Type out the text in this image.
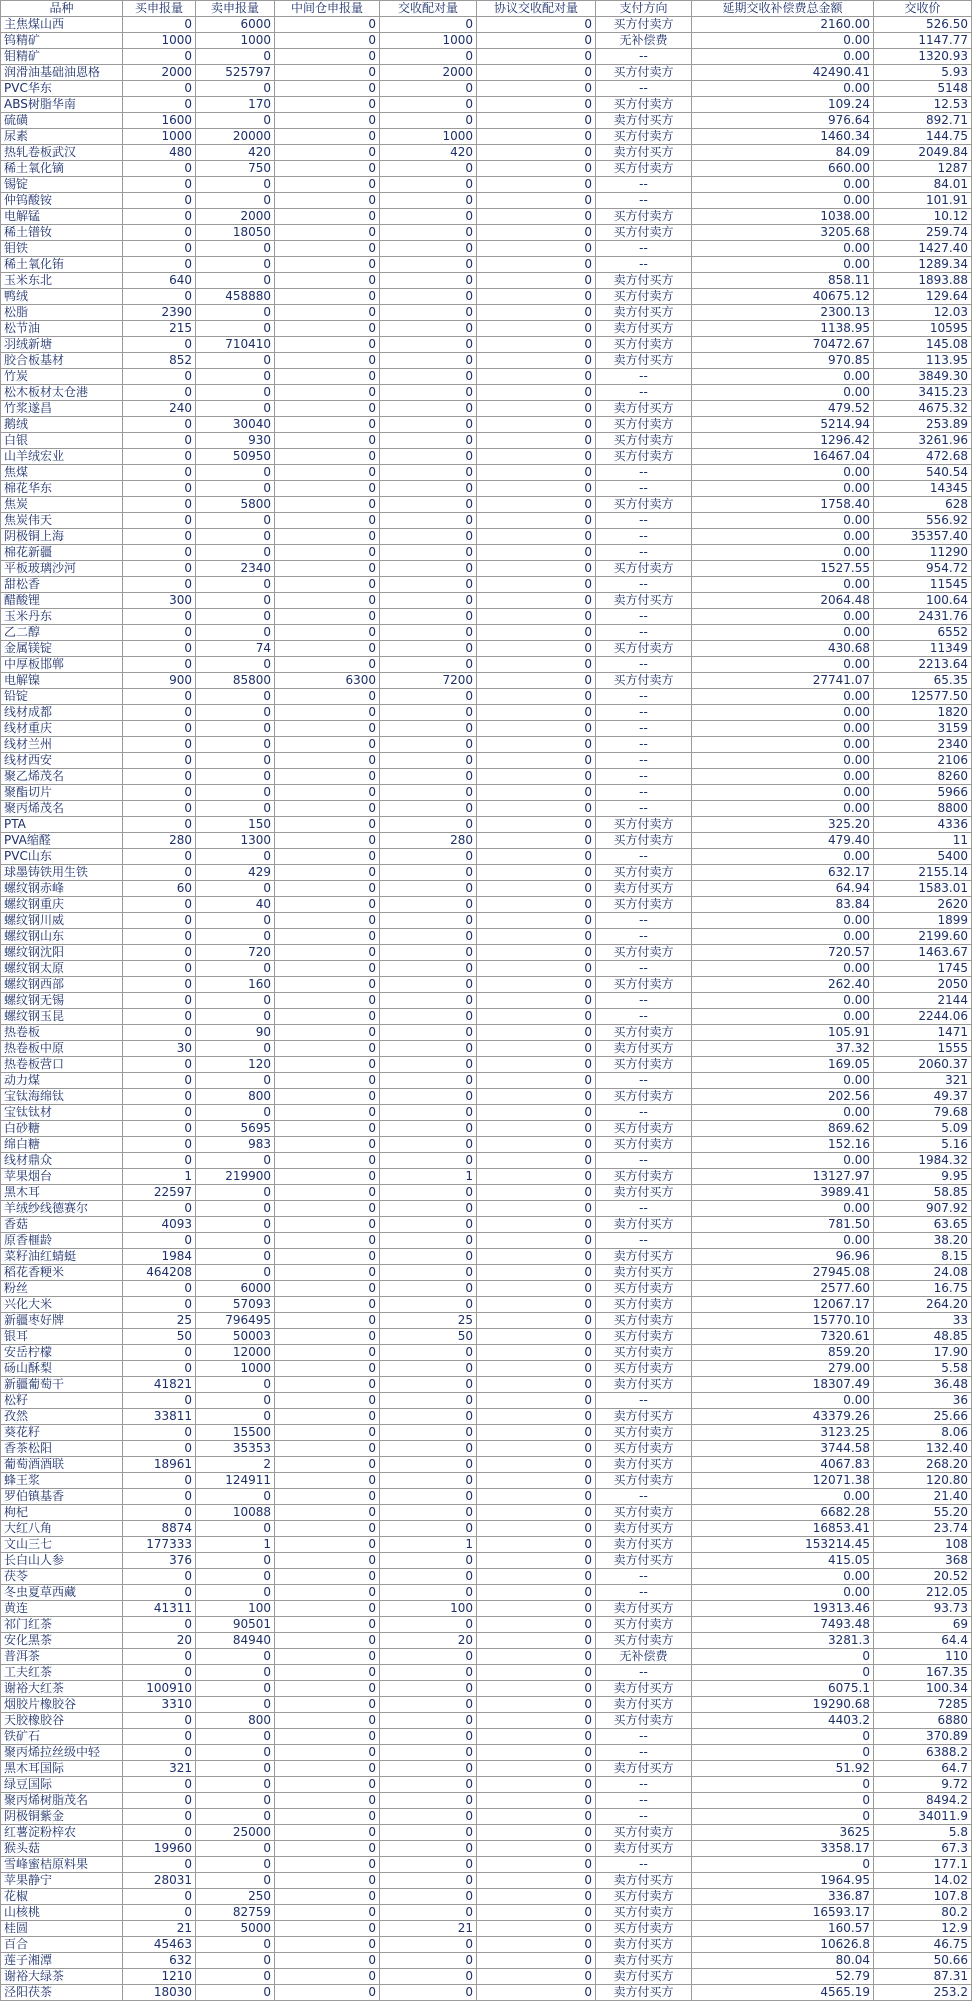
品种	买申报量	卖申报量	中间仓申报量	交收配对量	协议交收配对量	支付方向	延期交收补偿费总金额	交收价
主焦煤山西	0	6000	0	0	0	买方付卖方	2160.00	526.50
钨精矿	1000	1000	0	1000	0	无补偿费	0.00	1147.77
钼精矿	0	0	0	0	0	--	0.00	1320.93
润滑油基础油恩格	2000	525797	0	2000	0	买方付卖方	42490.41	5.93
PVC华东	0	0	0	0	0	--	0.00	5148
ABS树脂华南	0	170	0	0	0	买方付卖方	109.24	12.53
硫磺	1600	0	0	0	0	卖方付买方	976.64	892.71
尿素	1000	20000	0	1000	0	买方付卖方	1460.34	144.75
热轧卷板武汉	480	420	0	420	0	卖方付买方	84.09	2049.84
稀土氧化镝	0	750	0	0	0	买方付卖方	660.00	1287
锡锭	0	0	0	0	0	--	0.00	84.01
仲钨酸铵	0	0	0	0	0	--	0.00	101.91
电解锰	0	2000	0	0	0	买方付卖方	1038.00	10.12
稀土镨钕	0	18050	0	0	0	买方付卖方	3205.68	259.74
钼铁	0	0	0	0	0	--	0.00	1427.40
稀土氧化铕	0	0	0	0	0	--	0.00	1289.34
玉米东北	640	0	0	0	0	卖方付买方	858.11	1893.88
鸭绒	0	458880	0	0	0	买方付卖方	40675.12	129.64
松脂	2390	0	0	0	0	卖方付买方	2300.13	12.03
松节油	215	0	0	0	0	卖方付买方	1138.95	10595
羽绒新塘	0	710410	0	0	0	买方付卖方	70472.67	145.08
胶合板基材	852	0	0	0	0	卖方付买方	970.85	113.95
竹炭	0	0	0	0	0	--	0.00	3849.30
松木板材太仓港	0	0	0	0	0	--	0.00	3415.23
竹浆遂昌	240	0	0	0	0	卖方付买方	479.52	4675.32
鹅绒	0	30040	0	0	0	买方付卖方	5214.94	253.89
白银	0	930	0	0	0	买方付卖方	1296.42	3261.96
山羊绒宏业	0	50950	0	0	0	买方付卖方	16467.04	472.68
焦煤	0	0	0	0	0	--	0.00	540.54
棉花华东	0	0	0	0	0	--	0.00	14345
焦炭	0	5800	0	0	0	买方付卖方	1758.40	628
焦炭伟天	0	0	0	0	0	--	0.00	556.92
阴极铜上海	0	0	0	0	0	--	0.00	35357.40
棉花新疆	0	0	0	0	0	--	0.00	11290
平板玻璃沙河	0	2340	0	0	0	买方付卖方	1527.55	954.72
甜松香	0	0	0	0	0	--	0.00	11545
醋酸锂	300	0	0	0	0	卖方付买方	2064.48	100.64
玉米丹东	0	0	0	0	0	--	0.00	2431.76
乙二醇	0	0	0	0	0	--	0.00	6552
金属镁锭	0	74	0	0	0	买方付卖方	430.68	11349
中厚板邯郸	0	0	0	0	0	--	0.00	2213.64
电解镍	900	85800	6300	7200	0	买方付卖方	27741.07	65.35
铅锭	0	0	0	0	0	--	0.00	12577.50
线材成都	0	0	0	0	0	--	0.00	1820
线材重庆	0	0	0	0	0	--	0.00	3159
线材兰州	0	0	0	0	0	--	0.00	2340
线材西安	0	0	0	0	0	--	0.00	2106
聚乙烯茂名	0	0	0	0	0	--	0.00	8260
聚酯切片	0	0	0	0	0	--	0.00	5966
聚丙烯茂名	0	0	0	0	0	--	0.00	8800
PTA	0	150	0	0	0	买方付卖方	325.20	4336
PVA缩醛	280	1300	0	280	0	买方付卖方	479.40	11
PVC山东	0	0	0	0	0	--	0.00	5400
球墨铸铁用生铁	0	429	0	0	0	买方付卖方	632.17	2155.14
螺纹钢赤峰	60	0	0	0	0	卖方付买方	64.94	1583.01
螺纹钢重庆	0	40	0	0	0	买方付卖方	83.84	2620
螺纹钢川威	0	0	0	0	0	--	0.00	1899
螺纹钢山东	0	0	0	0	0	--	0.00	2199.60
螺纹钢沈阳	0	720	0	0	0	买方付卖方	720.57	1463.67
螺纹钢太原	0	0	0	0	0	--	0.00	1745
螺纹钢西部	0	160	0	0	0	买方付卖方	262.40	2050
螺纹钢无锡	0	0	0	0	0	--	0.00	2144
螺纹钢玉昆	0	0	0	0	0	--	0.00	2244.06
热卷板	0	90	0	0	0	买方付卖方	105.91	1471
热卷板中原	30	0	0	0	0	卖方付买方	37.32	1555
热卷板营口	0	120	0	0	0	买方付卖方	169.05	2060.37
动力煤	0	0	0	0	0	--	0.00	321
宝钛海绵钛	0	800	0	0	0	买方付卖方	202.56	49.37
宝钛钛材	0	0	0	0	0	--	0.00	79.68
白砂糖	0	5695	0	0	0	买方付卖方	869.62	5.09
绵白糖	0	983	0	0	0	买方付卖方	152.16	5.16
线材鼎众	0	0	0	0	0	--	0.00	1984.32
苹果烟台	1	219900	0	1	0	买方付卖方	13127.97	9.95
黑木耳	22597	0	0	0	0	卖方付买方	3989.41	58.85
羊绒纱线德赛尔	0	0	0	0	0	--	0.00	907.92
香菇	4093	0	0	0	0	卖方付买方	781.50	63.65
原香榧龄	0	0	0	0	0	--	0.00	38.20
菜籽油红蜻蜓	1984	0	0	0	0	卖方付买方	96.96	8.15
稻花香粳米	464208	0	0	0	0	卖方付买方	27945.08	24.08
粉丝	0	6000	0	0	0	买方付卖方	2577.60	16.75
兴化大米	0	57093	0	0	0	买方付卖方	12067.17	264.20
新疆枣好牌	25	796495	0	25	0	买方付卖方	15770.10	33
银耳	50	50003	0	50	0	买方付卖方	7320.61	48.85
安岳柠檬	0	12000	0	0	0	买方付卖方	859.20	17.90
砀山酥梨	0	1000	0	0	0	买方付卖方	279.00	5.58
新疆葡萄干	41821	0	0	0	0	卖方付买方	18307.49	36.48
松籽	0	0	0	0	0	--	0.00	36
孜然	33811	0	0	0	0	卖方付买方	43379.26	25.66
葵花籽	0	15500	0	0	0	买方付卖方	3123.25	8.06
香茶松阳	0	35353	0	0	0	买方付卖方	3744.58	132.40
葡萄酒酒联	18961	2	0	0	0	卖方付买方	4067.83	268.20
蜂王浆	0	124911	0	0	0	买方付卖方	12071.38	120.80
罗伯镇基香	0	0	0	0	0	--	0.00	21.40
枸杞	0	10088	0	0	0	买方付卖方	6682.28	55.20
大红八角	8874	0	0	0	0	卖方付买方	16853.41	23.74
文山三七	177333	1	0	1	0	卖方付买方	153214.45	108
长白山人参	376	0	0	0	0	卖方付买方	415.05	368
茯苓	0	0	0	0	0	--	0.00	20.52
冬虫夏草西藏	0	0	0	0	0	--	0.00	212.05
黄连	41311	100	0	100	0	卖方付买方	19313.46	93.73
祁门红茶	0	90501	0	0	0	买方付卖方	7493.48	69
安化黑茶	20	84940	0	20	0	买方付卖方	3281.3	64.4
普洱茶	0	0	0	0	0	无补偿费	0	110
工夫红茶	0	0	0	0	0	--	0	167.35
谢裕大红茶	100910	0	0	0	0	卖方付买方	6075.1	100.34
烟胶片橡胶谷	3310	0	0	0	0	卖方付买方	19290.68	7285
天胶橡胶谷	0	800	0	0	0	买方付卖方	4403.2	6880
铁矿石	0	0	0	0	0	--	0	370.89
聚丙烯拉丝级中轻	0	0	0	0	0	--	0	6388.2
黑木耳国际	321	0	0	0	0	卖方付买方	51.92	64.7
绿豆国际	0	0	0	0	0	--	0	9.72
聚丙烯树脂茂名	0	0	0	0	0	--	0	8494.2
阴极铜紫金	0	0	0	0	0	--	0	34011.9
红薯淀粉梓农	0	25000	0	0	0	买方付卖方	3625	5.8
猴头菇	19960	0	0	0	0	卖方付买方	3358.17	67.3
雪峰蜜桔原料果	0	0	0	0	0	--	0	177.1
苹果静宁	28031	0	0	0	0	卖方付买方	1964.95	14.02
花椒	0	250	0	0	0	买方付卖方	336.87	107.8
山核桃	0	82759	0	0	0	买方付卖方	16593.17	80.2
桂圆	21	5000	0	21	0	买方付卖方	160.57	12.9
百合	45463	0	0	0	0	卖方付买方	10626.8	46.75
莲子湘潭	632	0	0	0	0	卖方付买方	80.04	50.66
谢裕大绿茶	1210	0	0	0	0	卖方付买方	52.79	87.31
泾阳茯茶	18030	0	0	0	0	卖方付买方	4565.19	253.2
